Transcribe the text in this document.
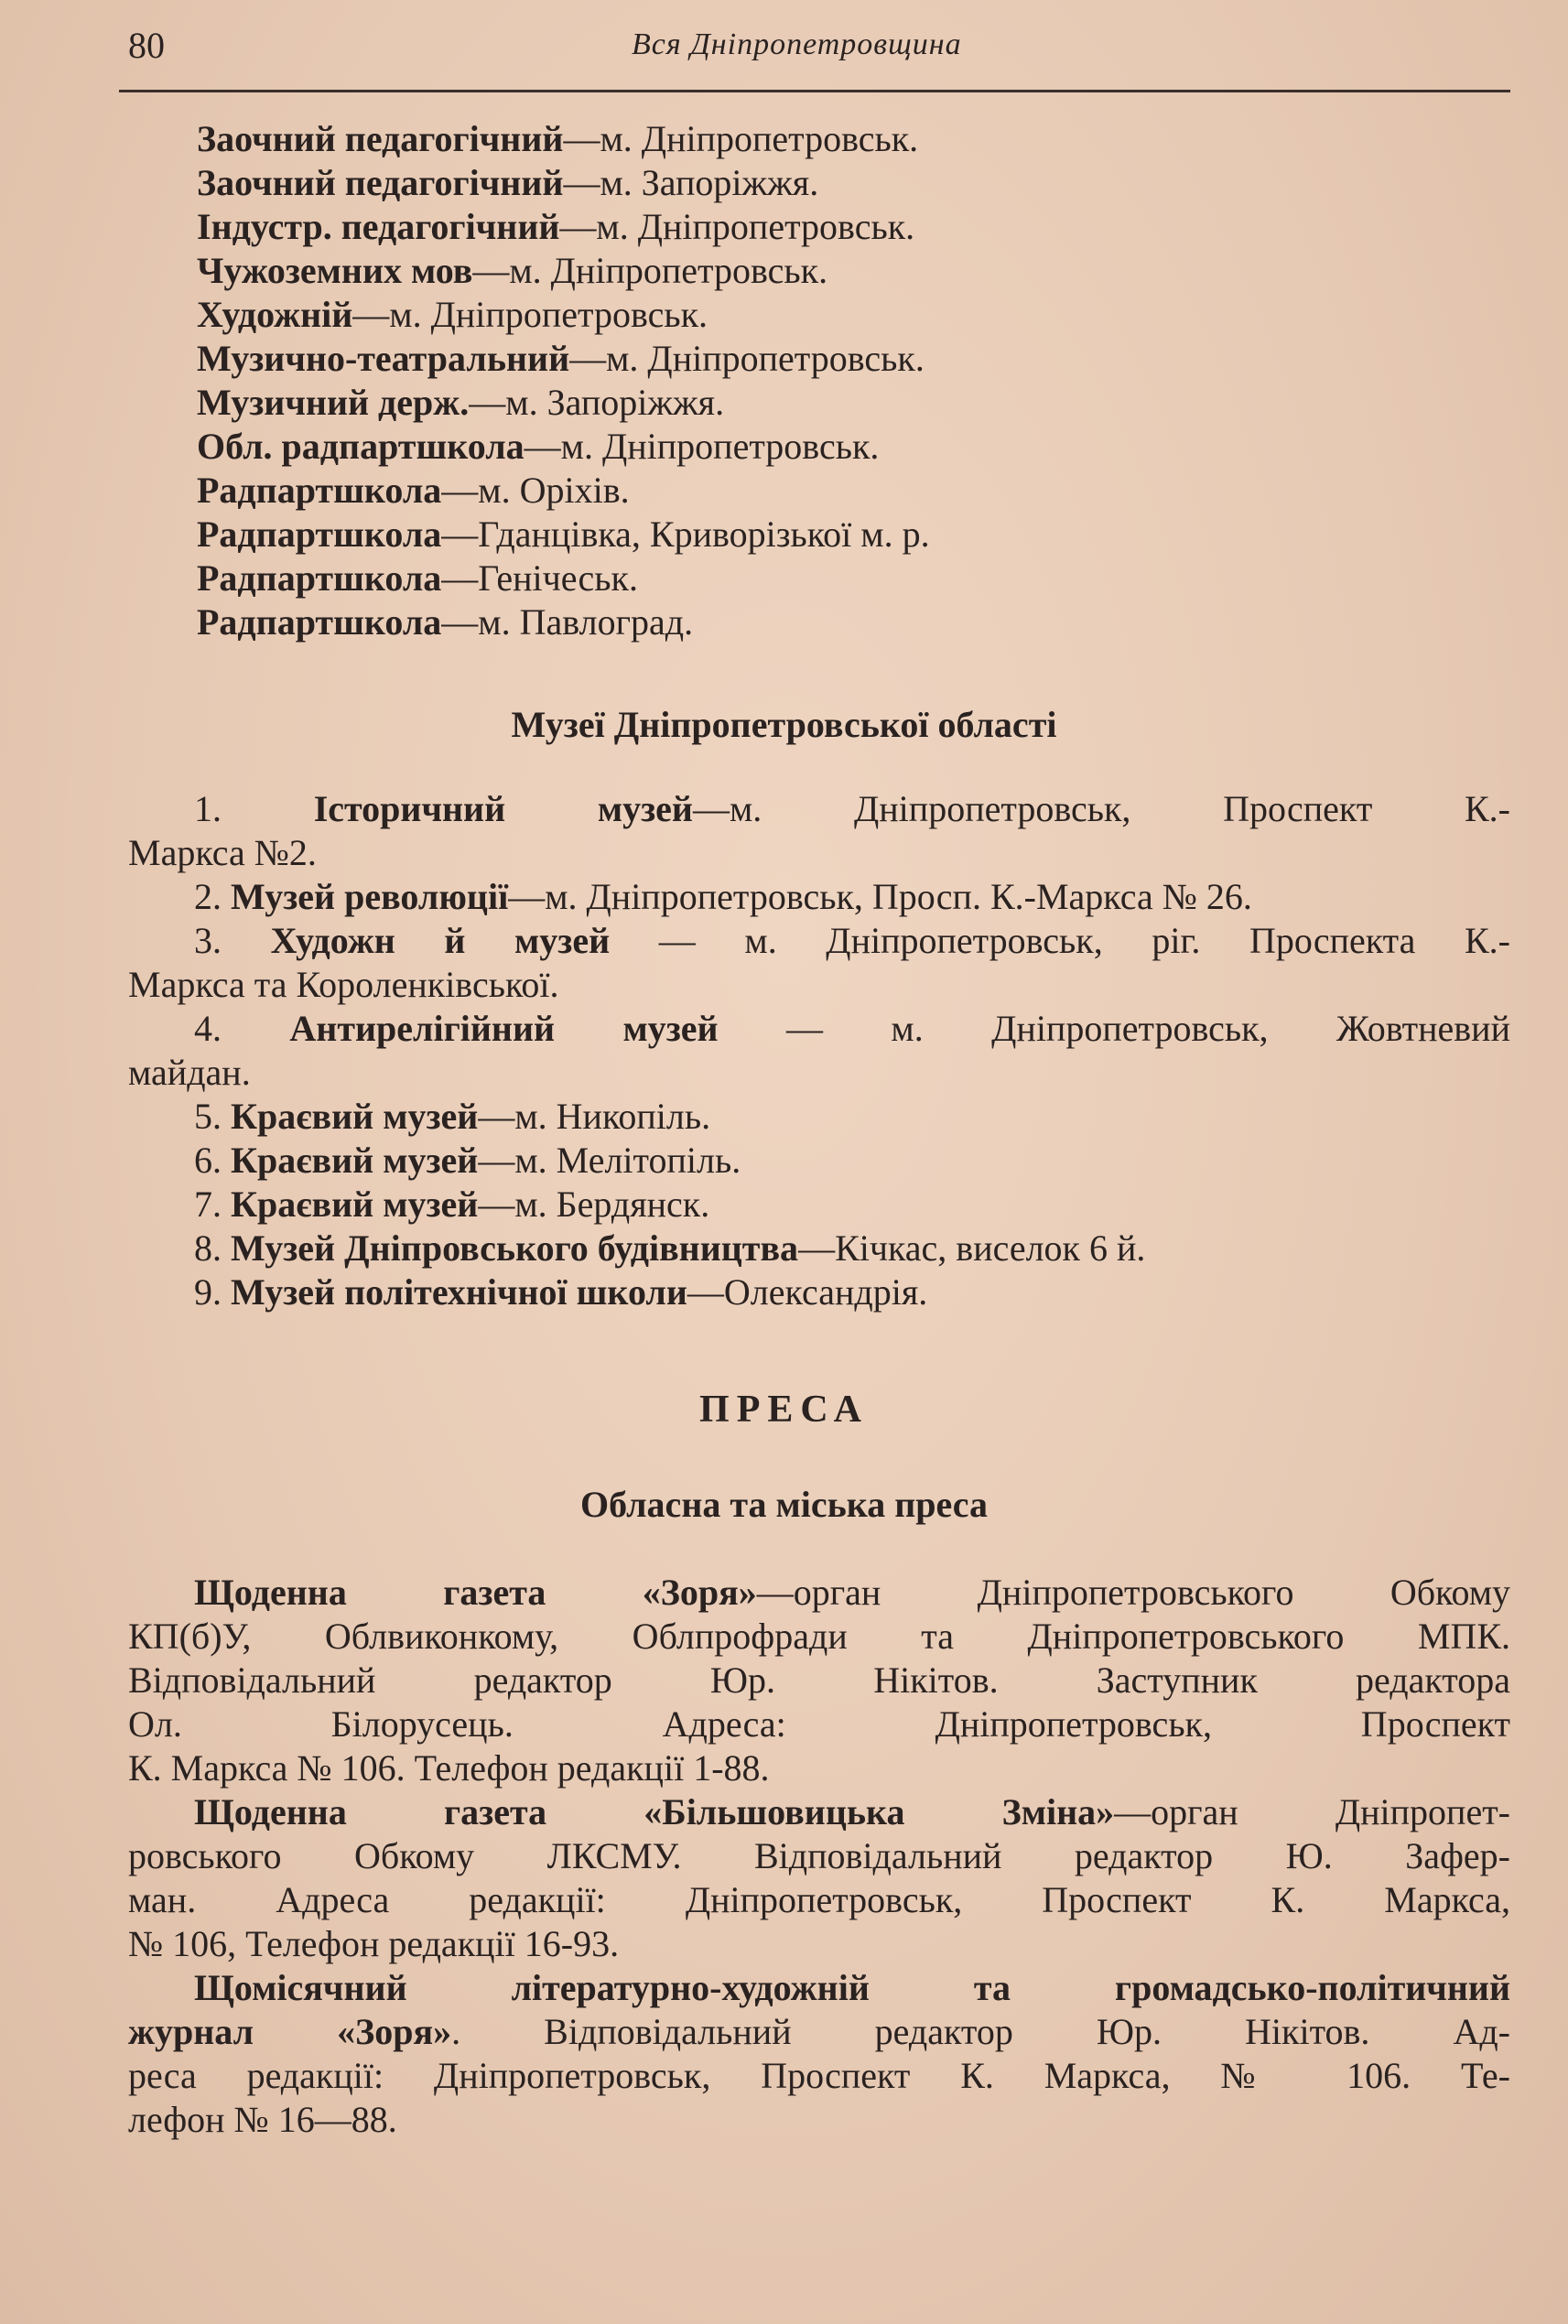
80	Вся Дніпропетровщина
Заочний педагогічний—м. Дніпропетровськ.
Заочний педагогічний—м. Запоріжжя.
Індустр. педагогічний—м. Дніпропетровськ.
Чужоземних мов—м. Дніпропетровськ.
Художній—м. Дніпропетровськ.
Музично-театральний—м. Дніпропетровськ.
Музичний держ.—м. Запоріжжя.
Обл. радпартшкола—м. Дніпропетровськ.
Радпартшкола—м. Оріхів.
Радпартшкола—Гданцівка, Криворізької м. р.
Радпартшкола—Генічеськ.
Радпартшкола—м. Павлоград.
Музеї Дніпропетровської області
1.	Історичний музей—м. Дніпропетровськ, Проспект К.-
Маркса №2.
2. Музей революції—м. Дніпропетровськ, Просп. К.-Маркса № 26.
3. Художн й музей — м. Дніпропетровськ, ріг. Проспекта К.-
Маркса та Короленківської.
4. Антирелігійний музей — м. Дніпропетровськ, Жовтневий
майдан.
5. Краєвий музей—м. Никопіль.
6. Краєвий музей—м. Мелітопіль.
7. Краєвий музей—м. Бердянск.
8. Музей Дніпровського будівництва—Кічкас, виселок 6 й.
9. Музей політехнічної школи—Олександрія.
ПРЕСА
Обласна та міська преса
Щоденна газета «Зоря»—орган Дніпропетровського Обкому
КП(б)У, Облвиконкому, Облпрофради та Дніпропетровського МПК.
Відповідальний редактор Юр. Нікітов. Заступник редактора
Ол. Білорусець. Адреса: Дніпропетровськ, Проспект
К. Маркса № 106. Телефон редакції 1-88.
Щоденна газета «Більшовицька Зміна»—орган Дніпропет-
ровського Обкому ЛКСМУ. Відповідальний редактор Ю. Зафер-
ман. Адреса редакції: Дніпропетровськ, Проспект К. Маркса,
№ 106, Телефон редакції 16-93.
Щомісячний літературно-художній та громадсько-політичний
журнал «Зоря». Відповідальний редактор Юр. Нікітов. Ад-
реса редакції: Дніпропетровськ, Проспект К. Маркса, № 106. Те-
лефон № 16—88.
